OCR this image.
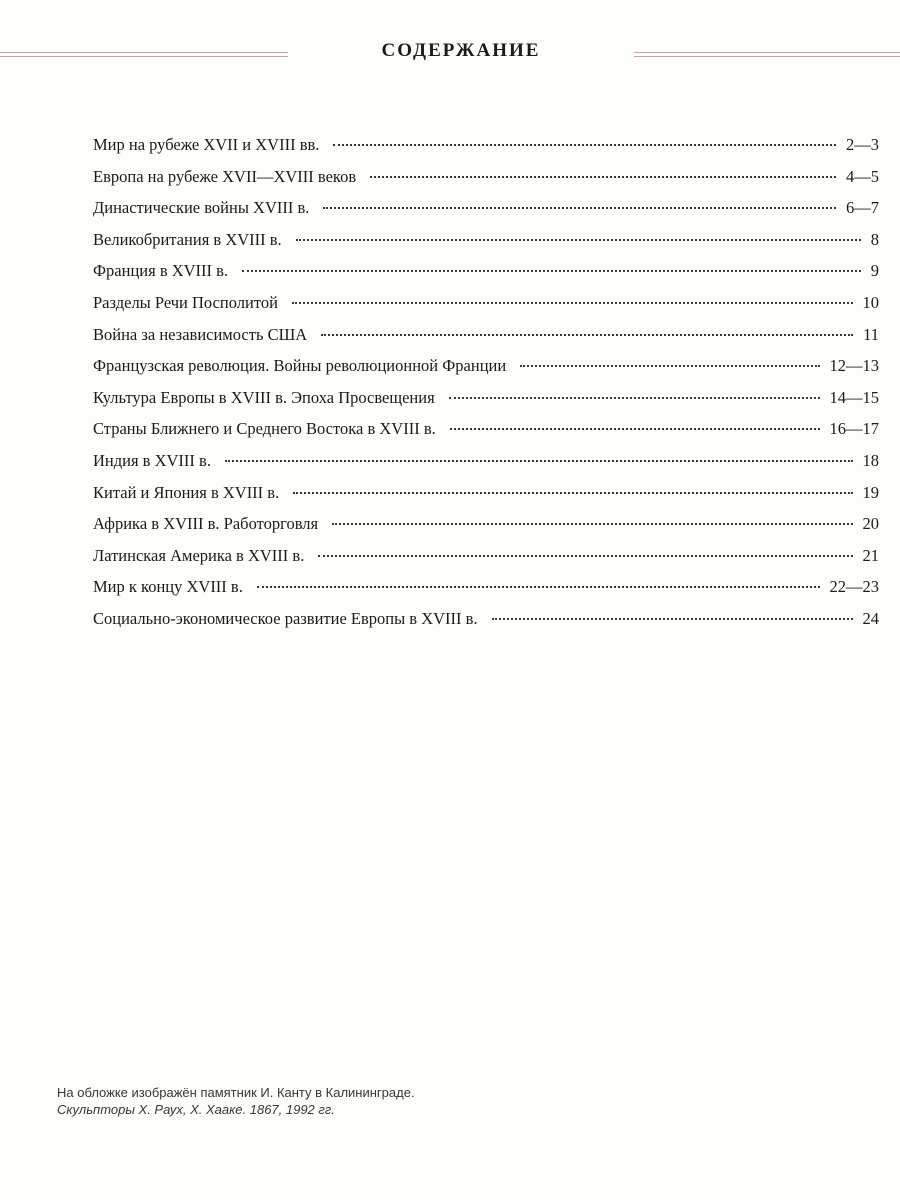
СОДЕРЖАНИЕ
Мир на рубеже XVII и XVIII вв.	2—3
Европа на рубеже XVII—XVIII веков	4—5
Династические войны XVIII в.	6—7
Великобритания в XVIII в.	8
Франция в XVIII в.	9
Разделы Речи Посполитой	10
Война за независимость США	11
Французская революция. Войны революционной Франции	12—13
Культура Европы в XVIII в. Эпоха Просвещения	14—15
Страны Ближнего и Среднего Востока в XVIII в.	16—17
Индия в XVIII в.	18
Китай и Япония в XVIII в.	19
Африка в XVIII в. Работорговля	20
Латинская Америка в XVIII в.	21
Мир к концу XVIII в.	22—23
Социально-экономическое развитие Европы в XVIII в.	24
На обложке изображён памятник И. Канту в Калининграде.
Скульпторы Х. Раух, Х. Хааке. 1867, 1992 гг.
